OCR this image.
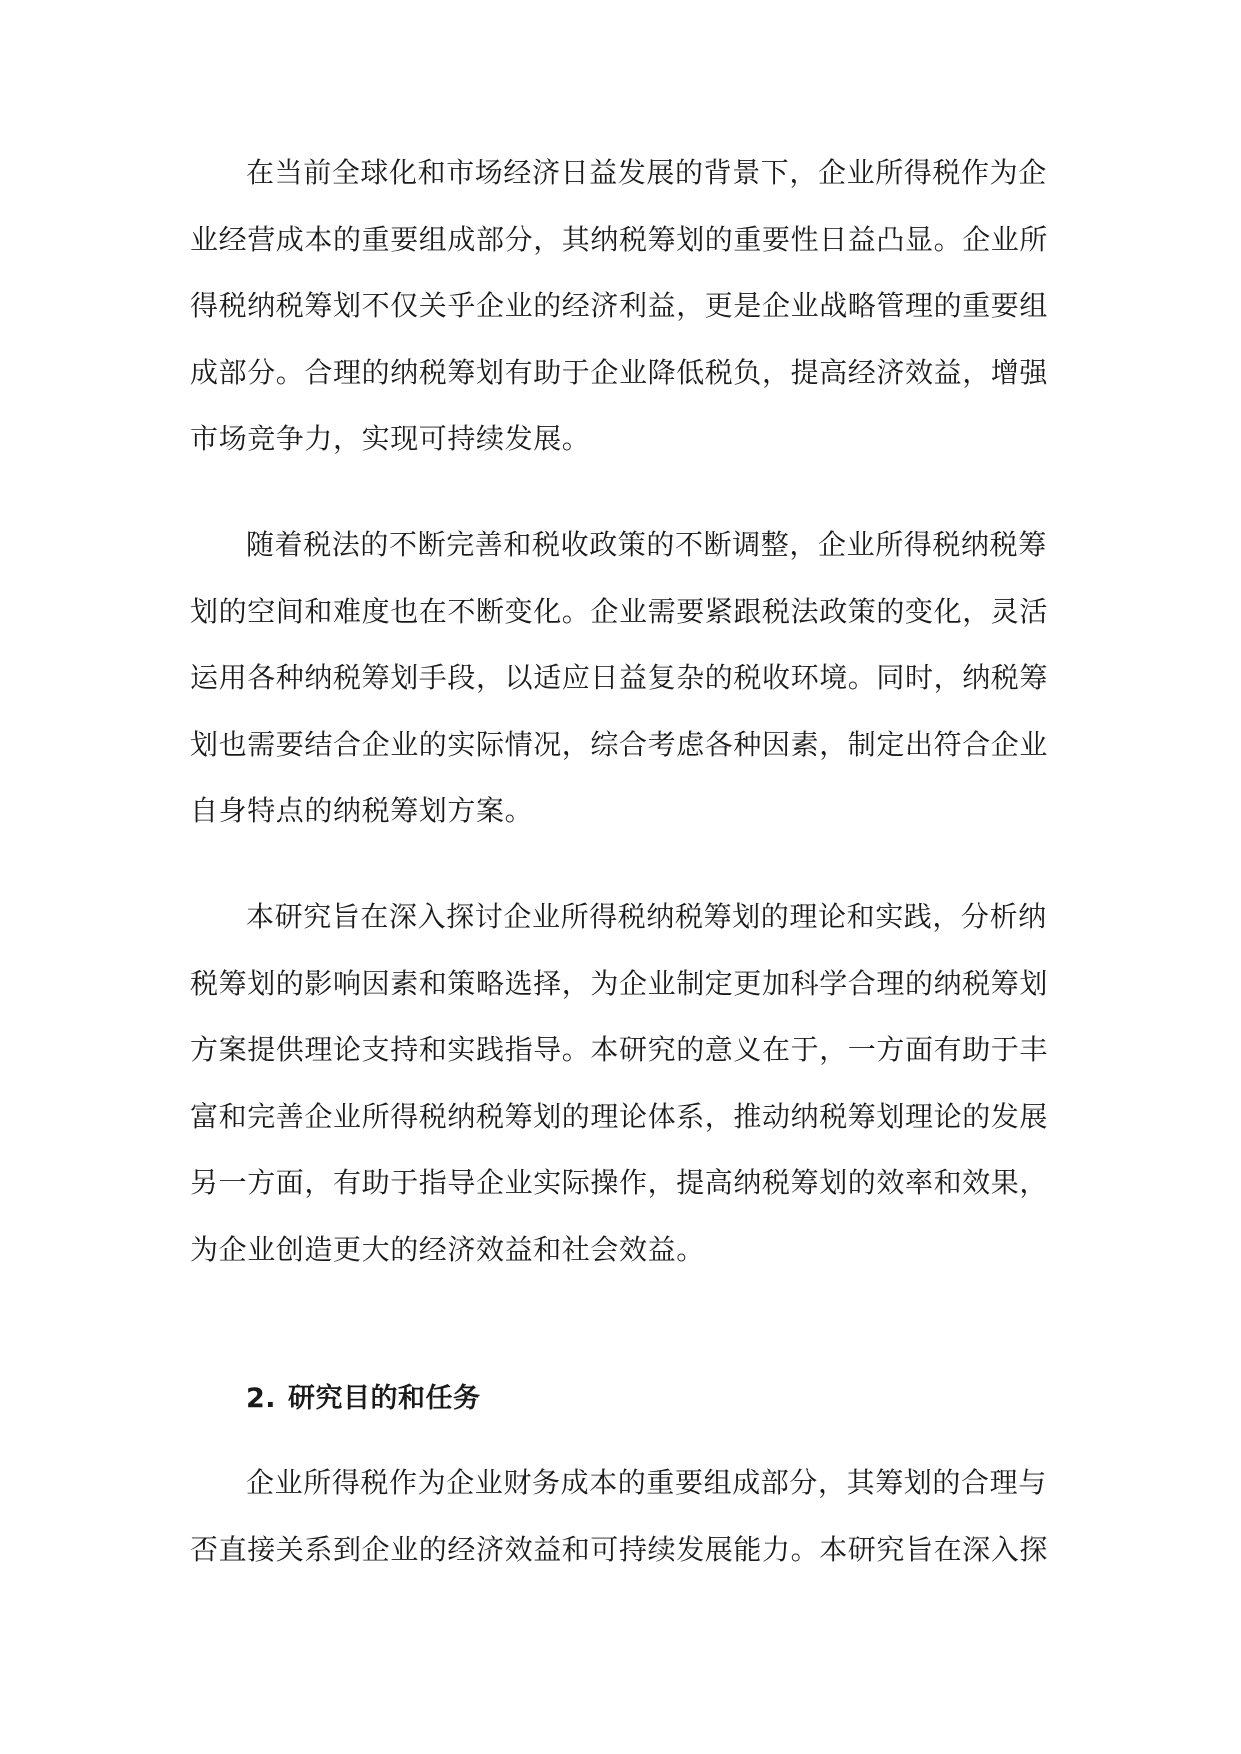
在当前全球化和市场经济日益发展的背景下，企业所得税作为企
业经营成本的重要组成部分，其纳税筹划的重要性日益凸显。企业所
得税纳税筹划不仅关乎企业的经济利益，更是企业战略管理的重要组
成部分。合理的纳税筹划有助于企业降低税负，提高经济效益，增强
市场竞争力，实现可持续发展。
随着税法的不断完善和税收政策的不断调整，企业所得税纳税筹
划的空间和难度也在不断变化。企业需要紧跟税法政策的变化，灵活
运用各种纳税筹划手段，以适应日益复杂的税收环境。同时，纳税筹
划也需要结合企业的实际情况，综合考虑各种因素，制定出符合企业
自身特点的纳税筹划方案。
本研究旨在深入探讨企业所得税纳税筹划的理论和实践，分析纳
税筹划的影响因素和策略选择，为企业制定更加科学合理的纳税筹划
方案提供理论支持和实践指导。本研究的意义在于，一方面有助于丰
富和完善企业所得税纳税筹划的理论体系，推动纳税筹划理论的发展
另一方面，有助于指导企业实际操作，提高纳税筹划的效率和效果，
为企业创造更大的经济效益和社会效益。
2. 研究目的和任务
企业所得税作为企业财务成本的重要组成部分，其筹划的合理与
否直接关系到企业的经济效益和可持续发展能力。本研究旨在深入探
